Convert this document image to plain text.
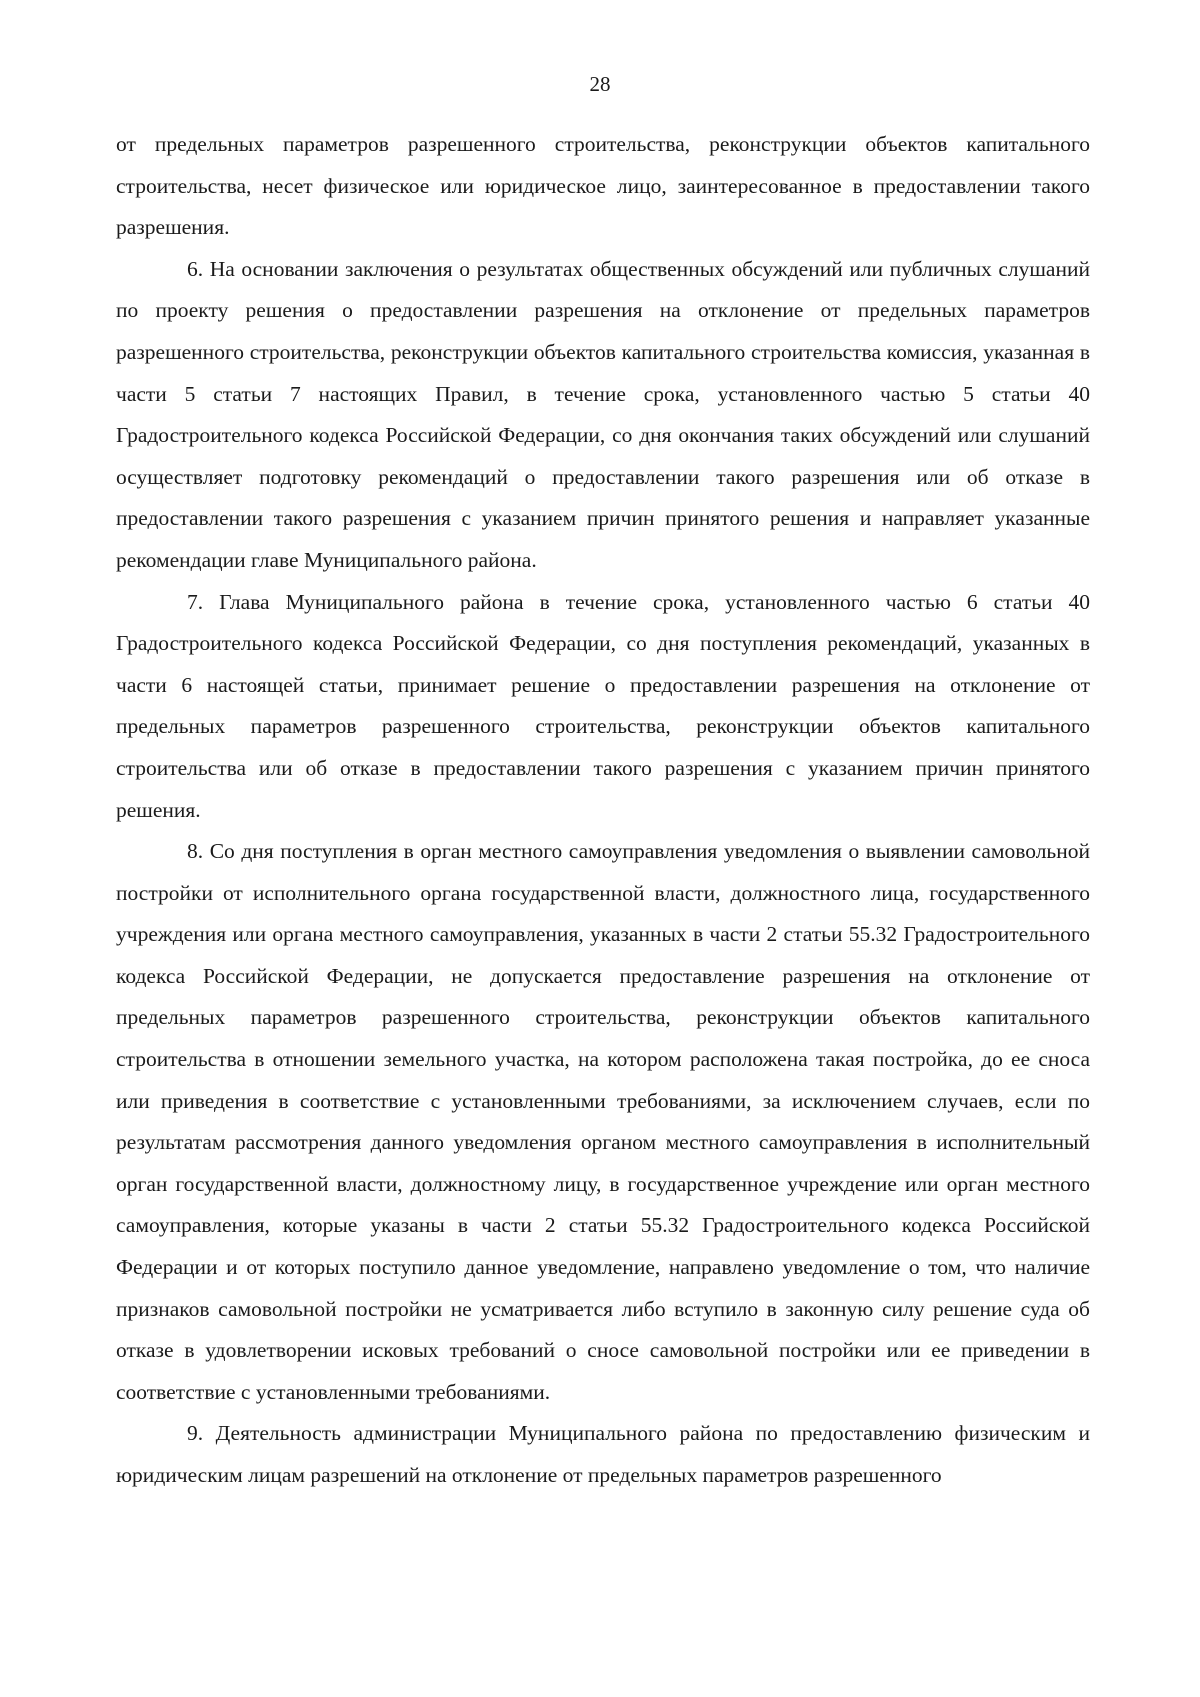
28

от предельных параметров разрешенного строительства, реконструкции объектов капитального строительства, несет физическое или юридическое лицо, заинтересованное в предоставлении такого разрешения.

6. На основании заключения о результатах общественных обсуждений или публичных слушаний по проекту решения о предоставлении разрешения на отклонение от предельных параметров разрешенного строительства, реконструкции объектов капитального строительства комиссия, указанная в части 5 статьи 7 настоящих Правил, в течение срока, установленного частью 5 статьи 40 Градостроительного кодекса Российской Федерации, со дня окончания таких обсуждений или слушаний осуществляет подготовку рекомендаций о предоставлении такого разрешения или об отказе в предоставлении такого разрешения с указанием причин принятого решения и направляет указанные рекомендации главе Муниципального района.

7. Глава Муниципального района в течение срока, установленного частью 6 статьи 40 Градостроительного кодекса Российской Федерации, со дня поступления рекомендаций, указанных в части 6 настоящей статьи, принимает решение о предоставлении разрешения на отклонение от предельных параметров разрешенного строительства, реконструкции объектов капитального строительства или об отказе в предоставлении такого разрешения с указанием причин принятого решения.

8. Со дня поступления в орган местного самоуправления уведомления о выявлении самовольной постройки от исполнительного органа государственной власти, должностного лица, государственного учреждения или органа местного самоуправления, указанных в части 2 статьи 55.32 Градостроительного кодекса Российской Федерации, не допускается предоставление разрешения на отклонение от предельных параметров разрешенного строительства, реконструкции объектов капитального строительства в отношении земельного участка, на котором расположена такая постройка, до ее сноса или приведения в соответствие с установленными требованиями, за исключением случаев, если по результатам рассмотрения данного уведомления органом местного самоуправления в исполнительный орган государственной власти, должностному лицу, в государственное учреждение или орган местного самоуправления, которые указаны в части 2 статьи 55.32 Градостроительного кодекса Российской Федерации и от которых поступило данное уведомление, направлено уведомление о том, что наличие признаков самовольной постройки не усматривается либо вступило в законную силу решение суда об отказе в удовлетворении исковых требований о сносе самовольной постройки или ее приведении в соответствие с установленными требованиями.

9. Деятельность администрации Муниципального района по предоставлению физическим и юридическим лицам разрешений на отклонение от предельных параметров разрешенного
